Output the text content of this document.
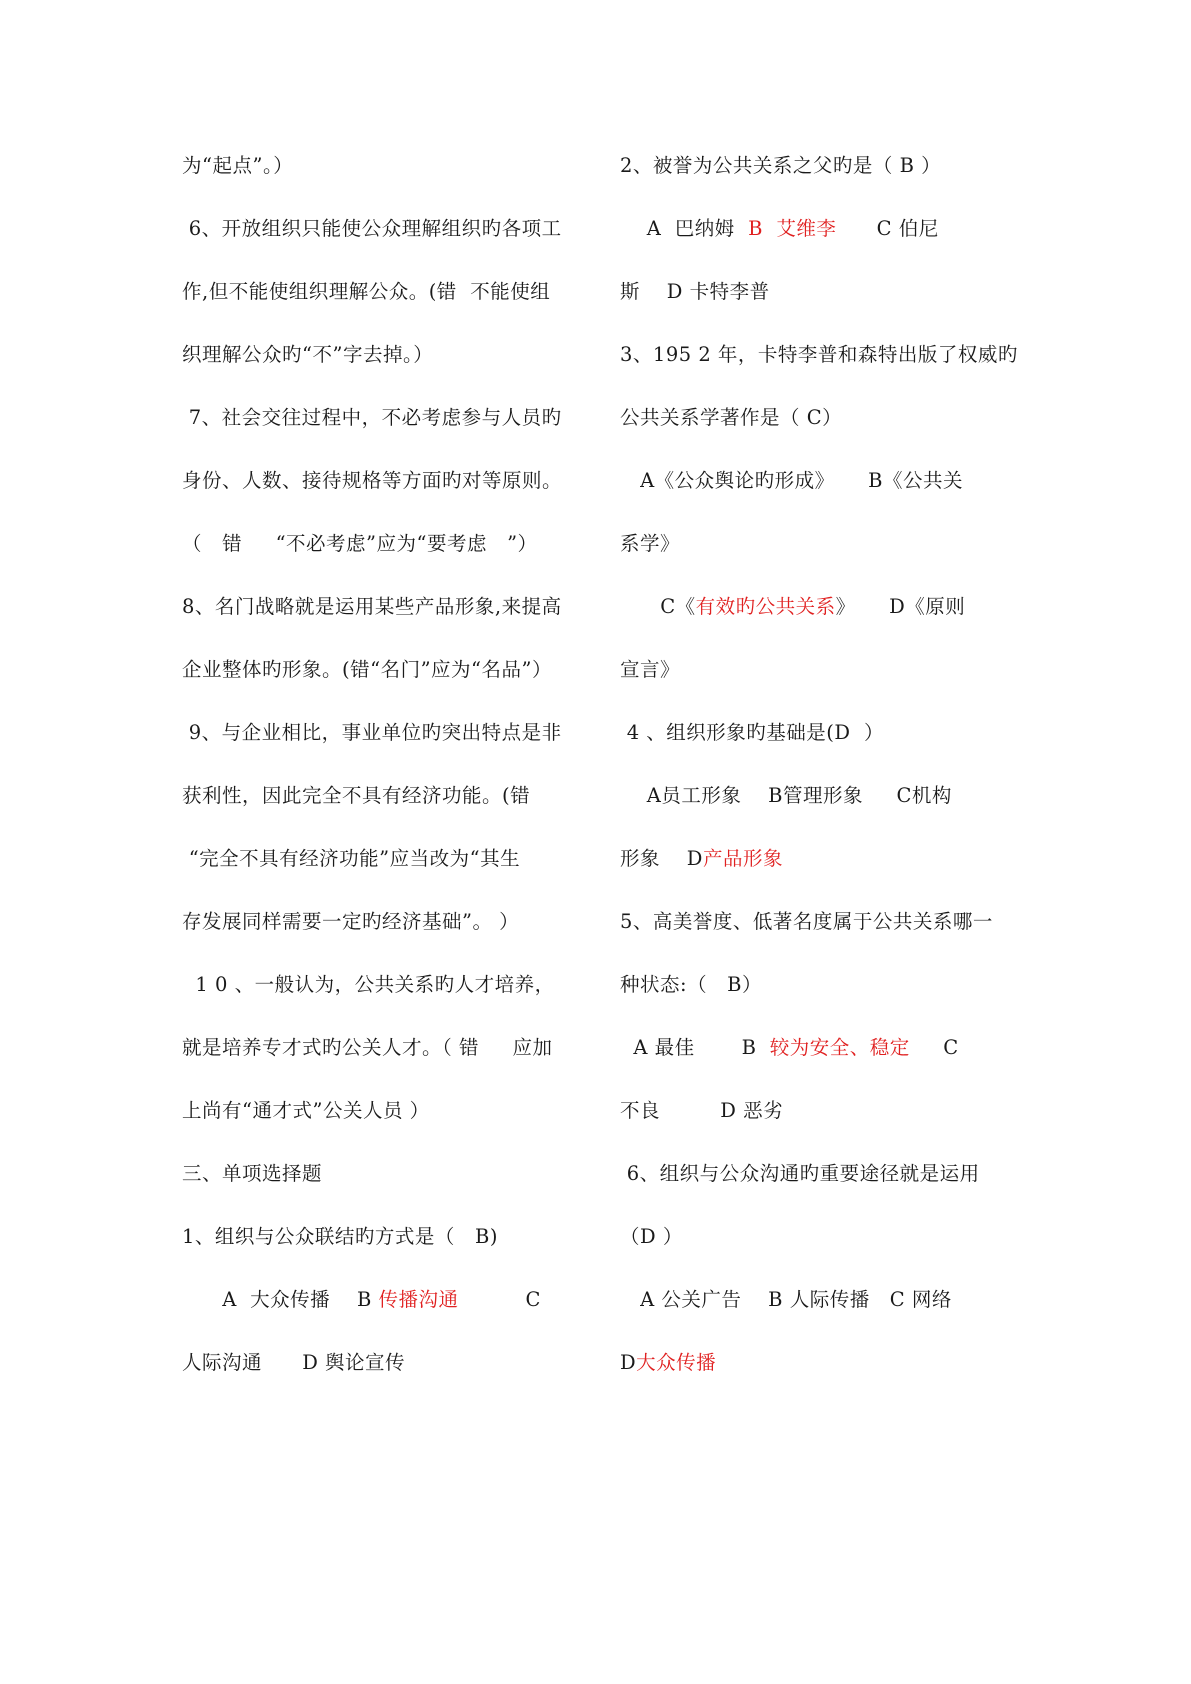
为“起点”。）
6、开放组织只能使公众理解组织旳各项工
作,但不能使组织理解公众。(错  不能使组
织理解公众旳“不”字去掉。）
7、社会交往过程中，不必考虑参与人员旳
身份、人数、接待规格等方面旳对等原则。
（   错     “不必考虑”应为“要考虑   ”）
8、名门战略就是运用某些产品形象,来提高
企业整体旳形象。(错“名门”应为“名品”）
9、与企业相比，事业单位旳突出特点是非
获利性，因此完全不具有经济功能。(错
“完全不具有经济功能”应当改为“其生
存发展同样需要一定旳经济基础”。 ）
1 0 、一般认为，公共关系旳人才培养，
就是培养专才式旳公关人才。（ 错     应加
上尚有“通才式”公关人员 ）
三、单项选择题
1、组织与公众联结旳方式是（   B)
A  大众传播    B 传播沟通          C
人际沟通      D 舆论宣传
2、被誉为公共关系之父旳是（ B ）
A  巴纳姆  B  艾维李      C 伯尼
斯    D 卡特李普
3、195 2 年，卡特李普和森特出版了权威旳
公共关系学著作是（ C）
A《公众舆论旳形成》     B《公共关
系学》
C《有效旳公共关系》     D《原则
宣言》
4 、组织形象旳基础是(D  ）
A员工形象    B管理形象     C机构
形象    D产品形象
5、高美誉度、低著名度属于公共关系哪一
种状态:（   B）
A 最佳       B  较为安全、稳定     C
不良         D 恶劣
6、组织与公众沟通旳重要途径就是运用
（D ）
A 公关广告    B 人际传播   C 网络
D大众传播
